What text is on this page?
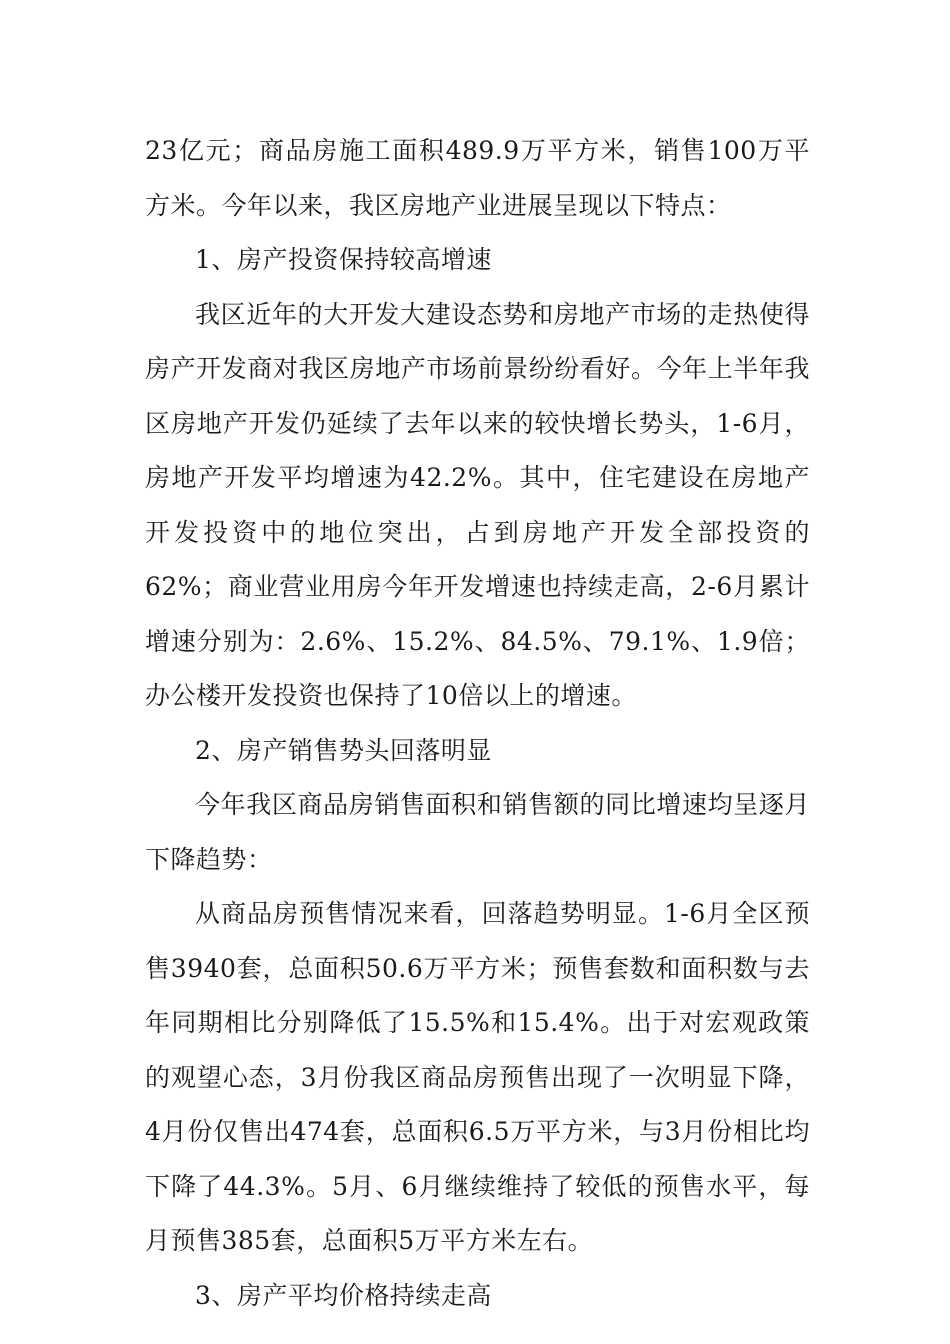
23亿元；商品房施工面积489.9万平方米，销售100万平方米。今年以来，我区房地产业进展呈现以下特点：

1、房产投资保持较高增速

我区近年的大开发大建设态势和房地产市场的走热使得房产开发商对我区房地产市场前景纷纷看好。今年上半年我区房地产开发仍延续了去年以来的较快增长势头，1-6月，房地产开发平均增速为42.2%。其中，住宅建设在房地产开发投资中的地位突出，占到房地产开发全部投资的62%；商业营业用房今年开发增速也持续走高，2-6月累计增速分别为：2.6%、15.2%、84.5%、79.1%、1.9倍；办公楼开发投资也保持了10倍以上的增速。

2、房产销售势头回落明显

今年我区商品房销售面积和销售额的同比增速均呈逐月下降趋势：

从商品房预售情况来看，回落趋势明显。1-6月全区预售3940套，总面积50.6万平方米；预售套数和面积数与去年同期相比分别降低了15.5%和15.4%。出于对宏观政策的观望心态，3月份我区商品房预售出现了一次明显下降，4月份仅售出474套，总面积6.5万平方米，与3月份相比均下降了44.3%。5月、6月继续维持了较低的预售水平，每月预售385套，总面积5万平方米左右。

3、房产平均价格持续走高
